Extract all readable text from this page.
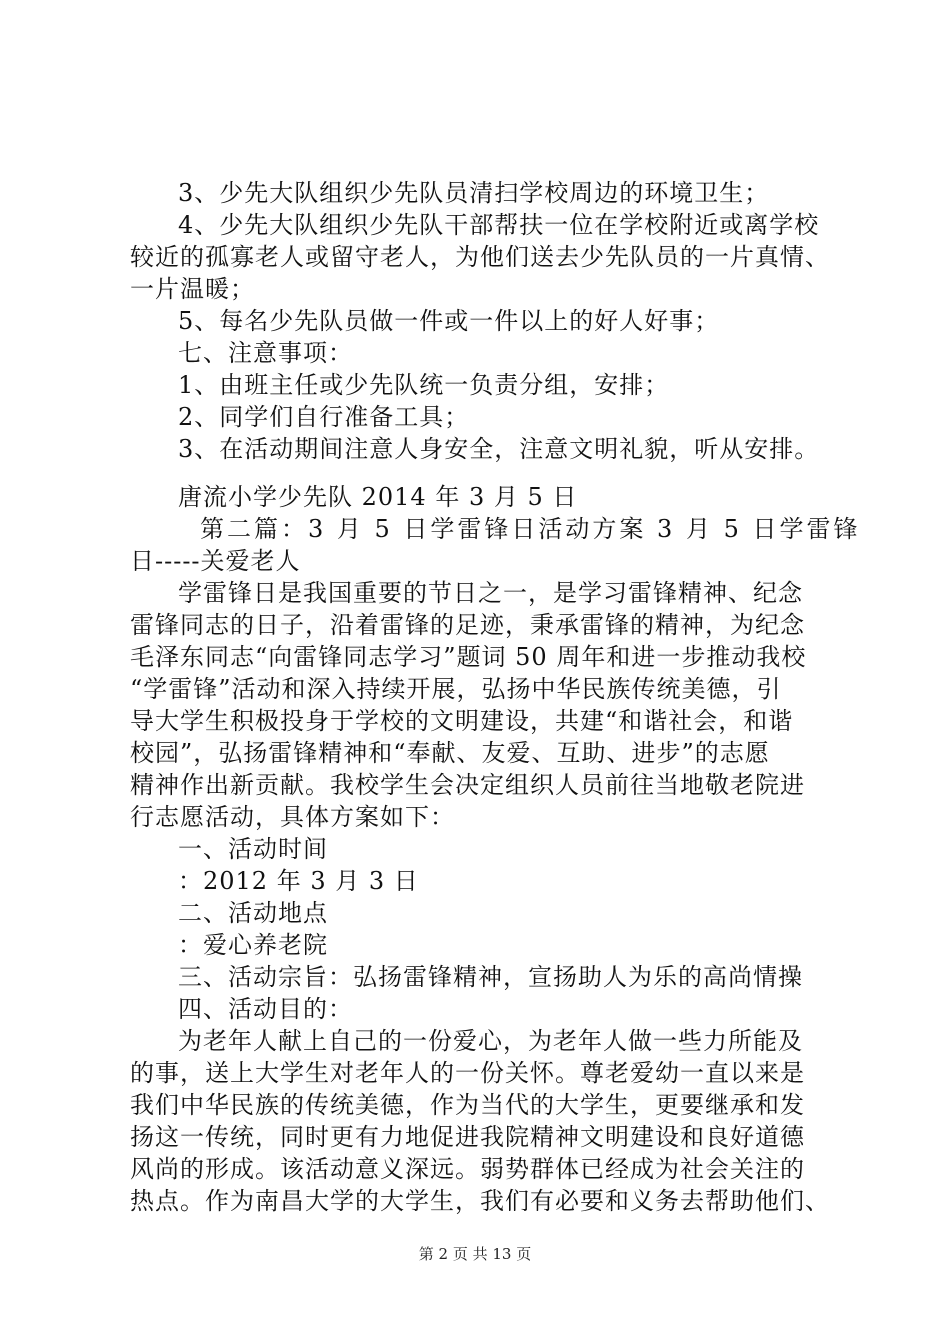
3、少先大队组织少先队员清扫学校周边的环境卫生；
4、少先大队组织少先队干部帮扶一位在学校附近或离学校
较近的孤寡老人或留守老人，为他们送去少先队员的一片真情、
一片温暖；
5、每名少先队员做一件或一件以上的好人好事；
七、注意事项：
1、由班主任或少先队统一负责分组，安排；
2、同学们自行准备工具；
3、在活动期间注意人身安全，注意文明礼貌，听从安排。
唐流小学少先队 2014 年 3 月 5 日
第二篇：3 月 5 日学雷锋日活动方案 3 月 5 日学雷锋
日-----关爱老人
学雷锋日是我国重要的节日之一，是学习雷锋精神、纪念
雷锋同志的日子，沿着雷锋的足迹，秉承雷锋的精神，为纪念
毛泽东同志“向雷锋同志学习”题词 50 周年和进一步推动我校
“学雷锋”活动和深入持续开展，弘扬中华民族传统美德，引
导大学生积极投身于学校的文明建设，共建“和谐社会，和谐
校园”，弘扬雷锋精神和“奉献、友爱、互助、进步”的志愿
精神作出新贡献。我校学生会决定组织人员前往当地敬老院进
行志愿活动，具体方案如下：
一、活动时间
：2012 年 3 月 3 日
二、活动地点
：爱心养老院
三、活动宗旨：弘扬雷锋精神，宣扬助人为乐的高尚情操
四、活动目的：
为老年人献上自己的一份爱心，为老年人做一些力所能及
的事，送上大学生对老年人的一份关怀。尊老爱幼一直以来是
我们中华民族的传统美德，作为当代的大学生，更要继承和发
扬这一传统，同时更有力地促进我院精神文明建设和良好道德
风尚的形成。该活动意义深远。弱势群体已经成为社会关注的
热点。作为南昌大学的大学生，我们有必要和义务去帮助他们、
第 2 页 共 13 页
